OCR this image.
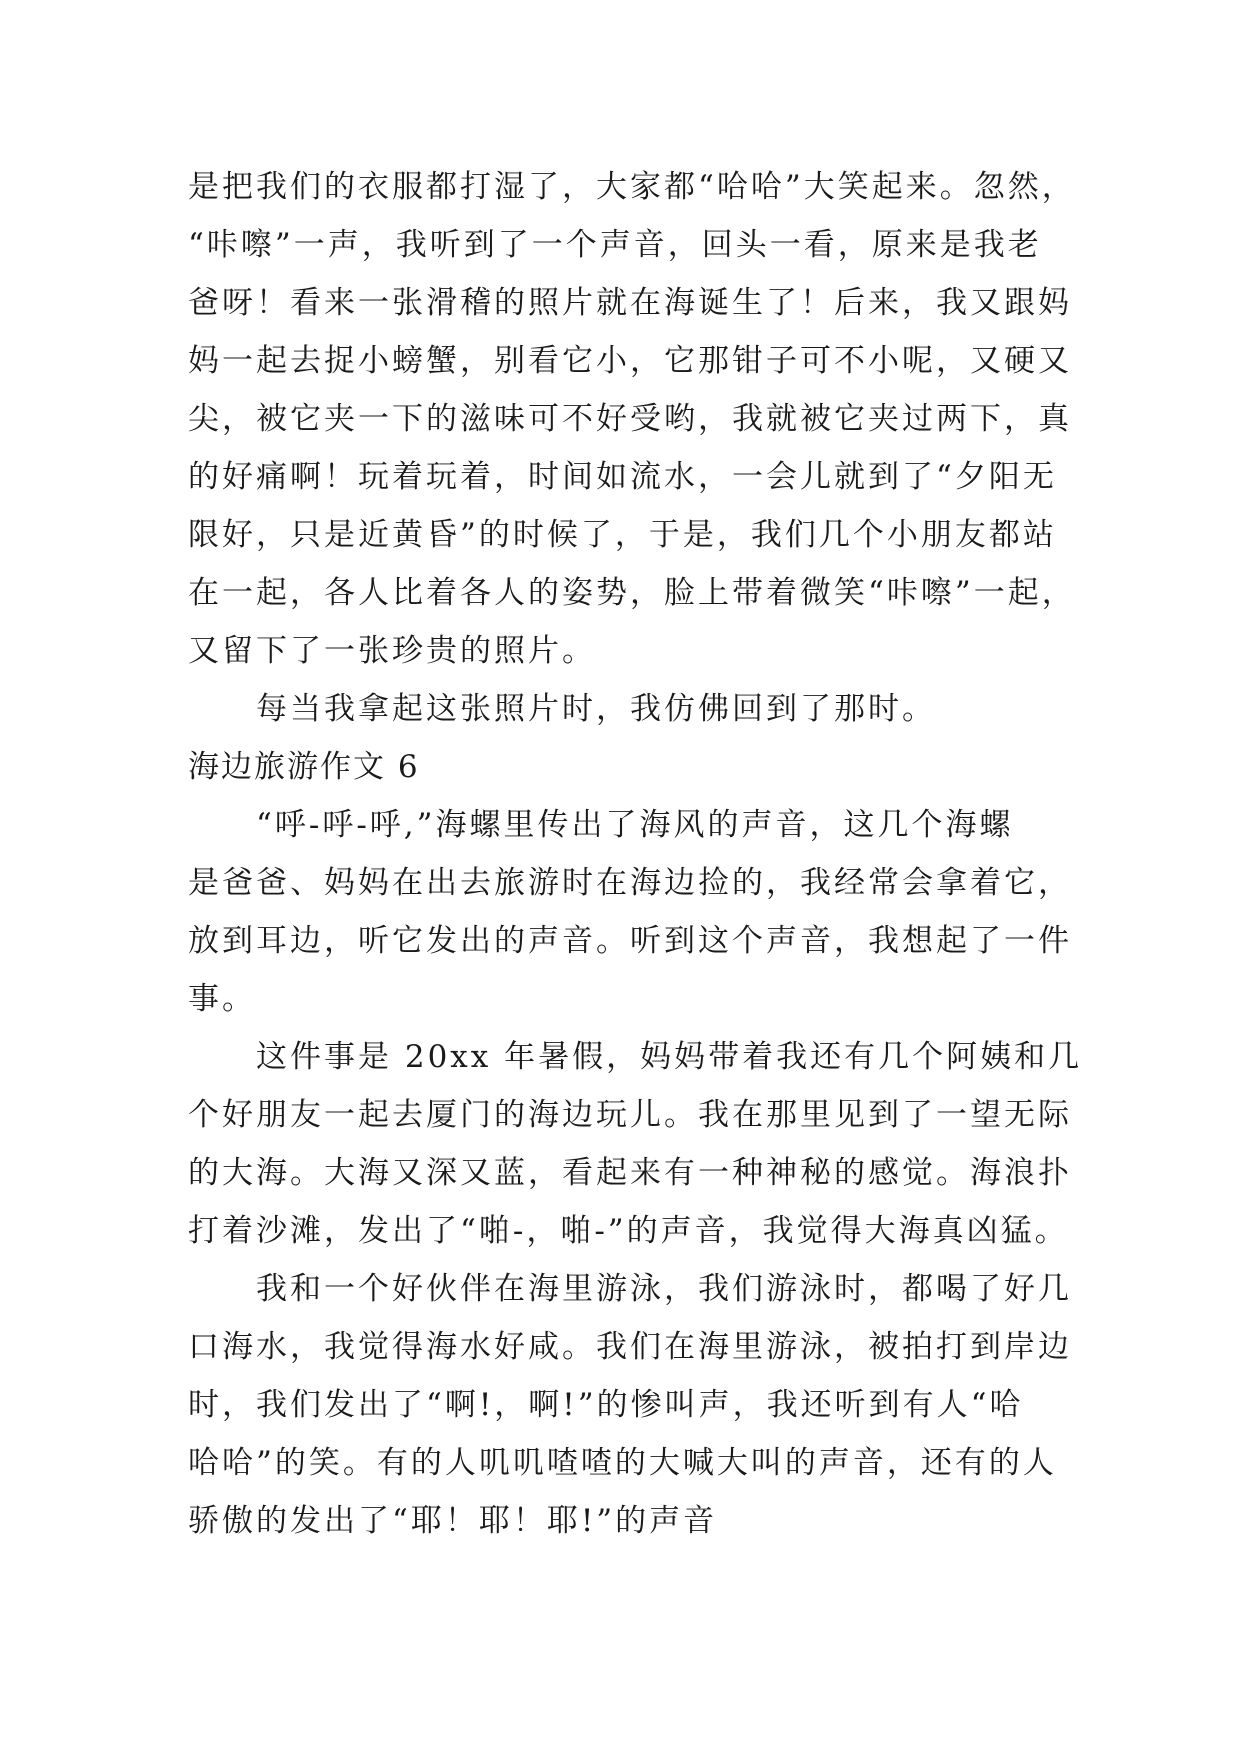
是把我们的衣服都打湿了，大家都“哈哈”大笑起来。忽然，
“咔嚓”一声，我听到了一个声音，回头一看，原来是我老
爸呀！看来一张滑稽的照片就在海诞生了！后来，我又跟妈
妈一起去捉小螃蟹，别看它小，它那钳子可不小呢，又硬又
尖，被它夹一下的滋味可不好受哟，我就被它夹过两下，真
的好痛啊！玩着玩着，时间如流水，一会儿就到了“夕阳无
限好，只是近黄昏”的时候了，于是，我们几个小朋友都站
在一起，各人比着各人的姿势，脸上带着微笑“咔嚓”一起，
又留下了一张珍贵的照片。
每当我拿起这张照片时，我仿佛回到了那时。
海边旅游作文 6
“呼-呼-呼,”海螺里传出了海风的声音，这几个海螺
是爸爸、妈妈在出去旅游时在海边捡的，我经常会拿着它，
放到耳边，听它发出的声音。听到这个声音，我想起了一件
事。
这件事是 20xx 年暑假，妈妈带着我还有几个阿姨和几
个好朋友一起去厦门的海边玩儿。我在那里见到了一望无际
的大海。大海又深又蓝，看起来有一种神秘的感觉。海浪扑
打着沙滩，发出了“啪-，啪-”的声音，我觉得大海真凶猛。
我和一个好伙伴在海里游泳，我们游泳时，都喝了好几
口海水，我觉得海水好咸。我们在海里游泳，被拍打到岸边
时，我们发出了“啊!，啊!”的惨叫声，我还听到有人“哈
哈哈”的笑。有的人叽叽喳喳的大喊大叫的声音，还有的人
骄傲的发出了“耶！耶！耶!”的声音
